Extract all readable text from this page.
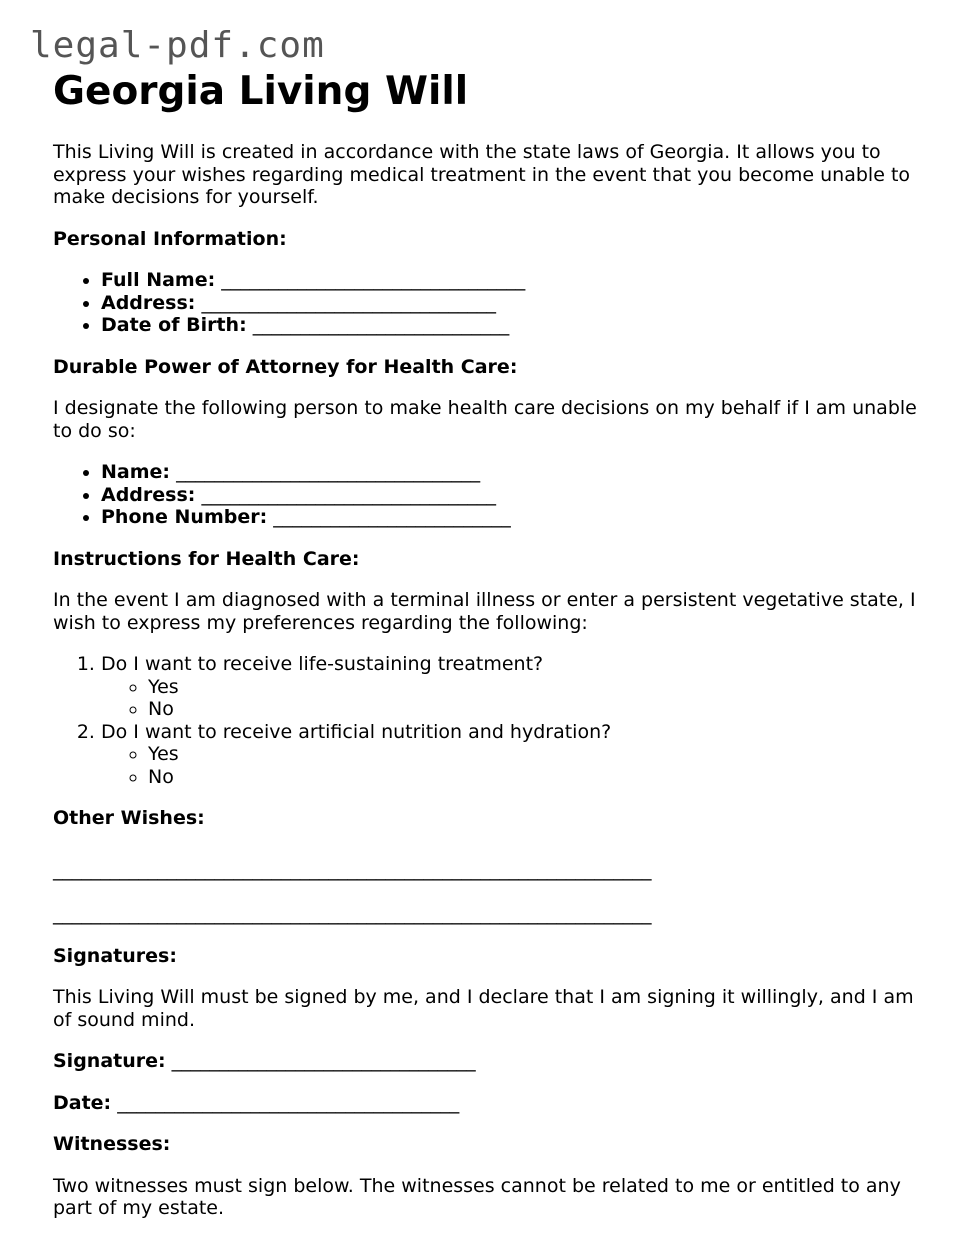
legal-pdf.com
Georgia Living Will

This Living Will is created in accordance with the state laws of Georgia. It allows you to express your wishes regarding medical treatment in the event that you become unable to make decisions for yourself.

Personal Information:
• Full Name: ________________________________
• Address: _______________________________
• Date of Birth: ___________________________
Durable Power of Attorney for Health Care:

I designate the following person to make health care decisions on my behalf if I am unable to do so:

• Name: ________________________________
• Address: _______________________________
• Phone Number: _________________________
Instructions for Health Care:

In the event I am diagnosed with a terminal illness or enter a persistent vegetative state, I wish to express my preferences regarding the following:

1. Do I want to receive life-sustaining treatment?
◦ Yes
◦ No
2. Do I want to receive artificial nutrition and hydration?
◦ Yes
◦ No
Other Wishes:

_______________________________________________________________

_______________________________________________________________

Signatures:

This Living Will must be signed by me, and I declare that I am signing it willingly, and I am of sound mind.

Signature: ________________________________

Date: ____________________________________

Witnesses:

Two witnesses must sign below. The witnesses cannot be related to me or entitled to any part of my estate.
